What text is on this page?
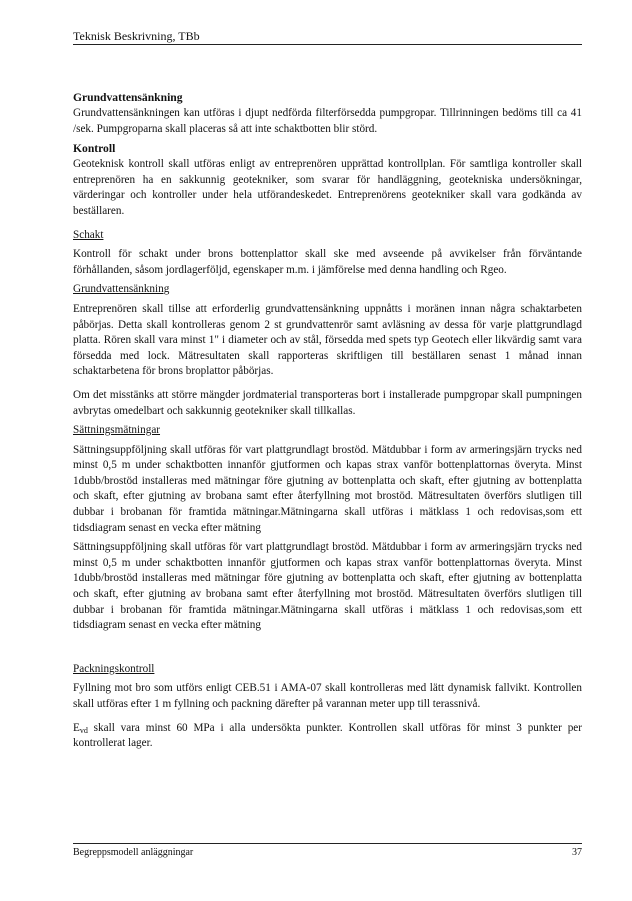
Teknisk Beskrivning, TBb

Grundvattensänkning

Grundvattensänkningen kan utföras i djupt nedförda filterförsedda pumpgropar. Tillrinningen bedöms till ca 41 /sek. Pumpgroparna skall placeras så att inte schaktbotten blir störd.

Kontroll

Geoteknisk kontroll skall utföras enligt av entreprenören upprättad kontrollplan. För samtliga kontroller skall entreprenören ha en sakkunnig geotekniker, som svarar för handläggning, geotekniska undersökningar, värderingar och kontroller under hela utförandeskedet. Entreprenörens geotekniker skall vara godkända av beställaren.

Schakt

Kontroll för schakt under brons bottenplattor skall ske med avseende på avvikelser från förväntande förhållanden, såsom jordlagerföljd, egenskaper m.m. i jämförelse med denna handling och Rgeo.

Grundvattensänkning

Entreprenören skall tillse att erforderlig grundvattensänkning uppnåtts i moränen innan några schaktarbeten påbörjas. Detta skall kontrolleras genom 2 st grundvattenrör samt avläsning av dessa för varje plattgrundlagd platta. Rören skall vara minst 1" i diameter och av stål, försedda med spets typ Geotech eller likvärdig samt vara försedda med lock. Mätresultaten skall rapporteras skriftligen till beställaren senast 1 månad innan schaktarbetena för brons broplattor påbörjas.

Om det misstänks att större mängder jordmaterial transporteras bort i installerade pumpgropar skall pumpningen avbrytas omedelbart och sakkunnig geotekniker skall tillkallas.

Sättningsmätningar

Sättningsuppföljning skall utföras för vart plattgrundlagt brostöd. Mätdubbar i form av armeringsjärn trycks ned minst 0,5 m under schaktbotten innanför gjutformen och kapas strax vanför bottenplattornas överyta. Minst 1dubb/brostöd installeras med mätningar före gjutning av bottenplatta och skaft, efter gjutning av bottenplatta och skaft, efter gjutning av brobana samt efter återfyllning mot brostöd. Mätresultaten överförs slutligen till dubbar i brobanan för framtida mätningar.Mätningarna skall utföras i mätklass 1 och redovisas,som ett tidsdiagram senast en vecka efter mätning

Sättningsuppföljning skall utföras för vart plattgrundlagt brostöd. Mätdubbar i form av armeringsjärn trycks ned minst 0,5 m under schaktbotten innanför gjutformen och kapas strax vanför bottenplattornas överyta. Minst 1dubb/brostöd installeras med mätningar före gjutning av bottenplatta och skaft, efter gjutning av bottenplatta och skaft, efter gjutning av brobana samt efter återfyllning mot brostöd. Mätresultaten överförs slutligen till dubbar i brobanan för framtida mätningar.Mätningarna skall utföras i mätklass 1 och redovisas,som ett tidsdiagram senast en vecka efter mätning

Packningskontroll

Fyllning mot bro som utförs enligt CEB.51 i AMA-07 skall kontrolleras med lätt dynamisk fallvikt. Kontrollen skall utföras efter 1 m fyllning och packning därefter på varannan meter upp till terassnivå.

$E_{vd}$ skall vara minst 60 MPa i alla undersökta punkter. Kontrollen skall utföras för minst 3 punkter per kontrollerat lager.

Begreppsmodell anläggningar	37
